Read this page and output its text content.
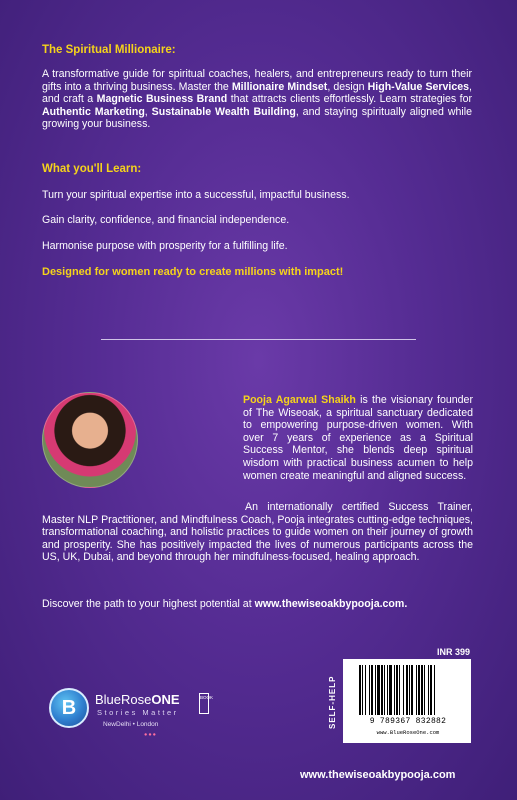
The Spiritual Millionaire:

A transformative guide for spiritual coaches, healers, and entrepreneurs ready to turn their gifts into a thriving business. Master the Millionaire Mindset, design High-Value Services, and craft a Magnetic Business Brand that attracts clients effortlessly. Learn strategies for Authentic Marketing, Sustainable Wealth Building, and staying spiritually aligned while growing your business.

What you'll Learn:
Turn your spiritual expertise into a successful, impactful business.
Gain clarity, confidence, and financial independence.
Harmonise purpose with prosperity for a fulfilling life.
Designed for women ready to create millions with impact!

Pooja Agarwal Shaikh is the visionary founder of The Wiseoak, a spiritual sanctuary dedicated to empowering purpose-driven women. With over 7 years of experience as a Spiritual Success Mentor, she blends deep spiritual wisdom with practical business acumen to help women create meaningful and aligned success.

An internationally certified Success Trainer, Master NLP Practitioner, and Mindfulness Coach, Pooja integrates cutting-edge techniques, transformational coaching, and holistic practices to guide women on their journey of growth and prosperity. She has positively impacted the lives of numerous participants across the US, UK, Dubai, and beyond through her mindfulness-focused, healing approach.

Discover the path to your highest potential at www.thewiseoakbypooja.com.

B	BlueRoseONE	BOOK
Stories Matter
NewDelhi • London
●●●
INR 399
SELF-HELP	9 789367 832882
www.BlueRoseOne.com
www.thewiseoakbypooja.com
